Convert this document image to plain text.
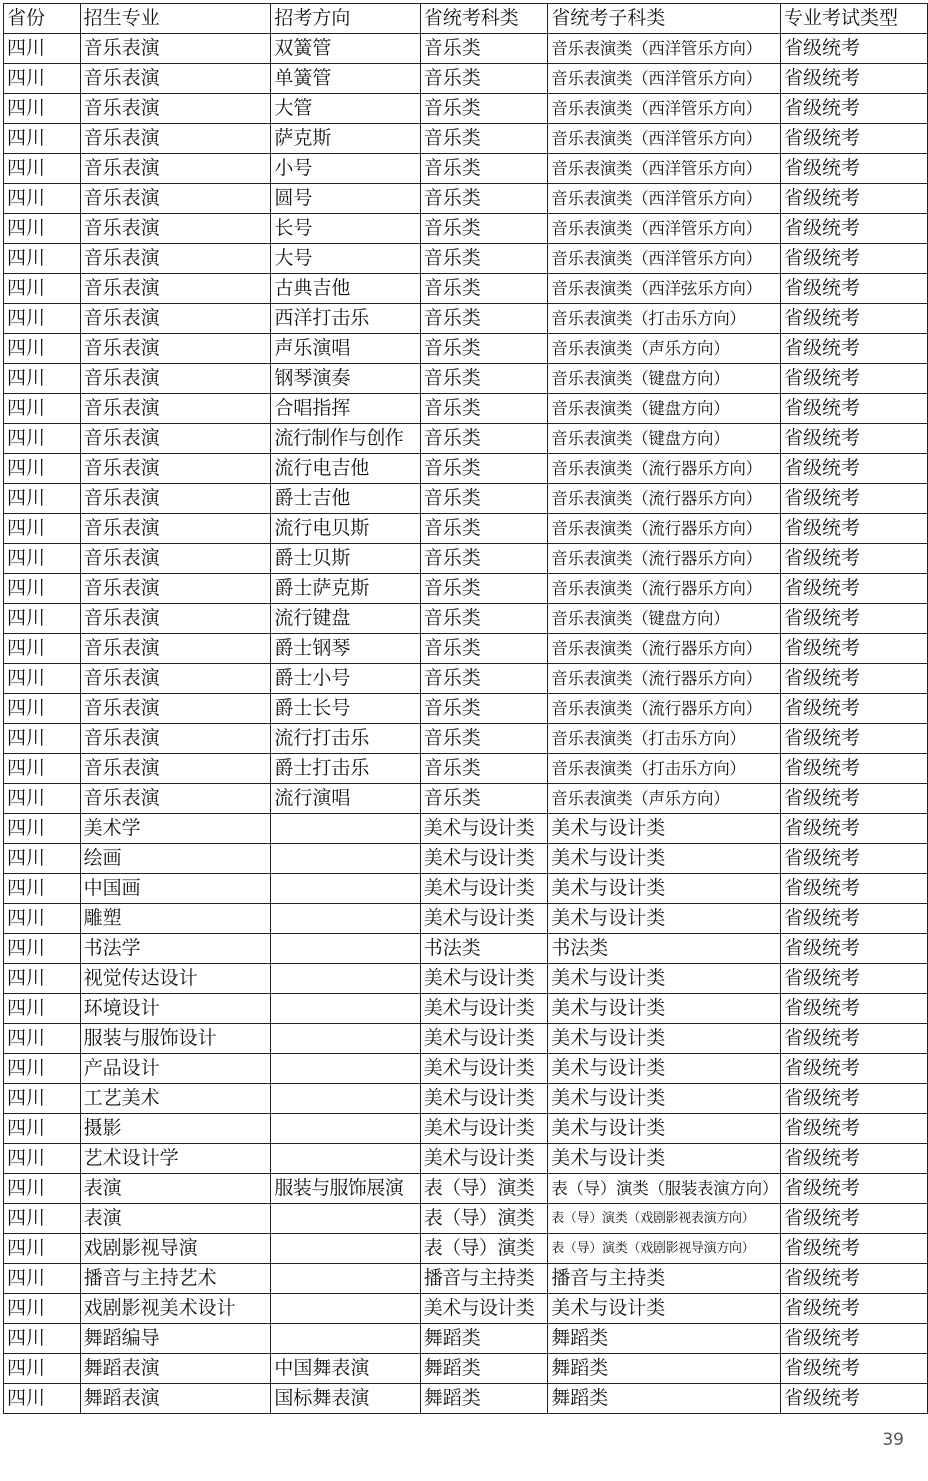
省份	招生专业	招考方向	省统考科类	省统考子科类	专业考试类型
四川	音乐表演	双簧管	音乐类	音乐表演类（西洋管乐方向）	省级统考
四川	音乐表演	单簧管	音乐类	音乐表演类（西洋管乐方向）	省级统考
四川	音乐表演	大管	音乐类	音乐表演类（西洋管乐方向）	省级统考
四川	音乐表演	萨克斯	音乐类	音乐表演类（西洋管乐方向）	省级统考
四川	音乐表演	小号	音乐类	音乐表演类（西洋管乐方向）	省级统考
四川	音乐表演	圆号	音乐类	音乐表演类（西洋管乐方向）	省级统考
四川	音乐表演	长号	音乐类	音乐表演类（西洋管乐方向）	省级统考
四川	音乐表演	大号	音乐类	音乐表演类（西洋管乐方向）	省级统考
四川	音乐表演	古典吉他	音乐类	音乐表演类（西洋弦乐方向）	省级统考
四川	音乐表演	西洋打击乐	音乐类	音乐表演类（打击乐方向）	省级统考
四川	音乐表演	声乐演唱	音乐类	音乐表演类（声乐方向）	省级统考
四川	音乐表演	钢琴演奏	音乐类	音乐表演类（键盘方向）	省级统考
四川	音乐表演	合唱指挥	音乐类	音乐表演类（键盘方向）	省级统考
四川	音乐表演	流行制作与创作	音乐类	音乐表演类（键盘方向）	省级统考
四川	音乐表演	流行电吉他	音乐类	音乐表演类（流行器乐方向）	省级统考
四川	音乐表演	爵士吉他	音乐类	音乐表演类（流行器乐方向）	省级统考
四川	音乐表演	流行电贝斯	音乐类	音乐表演类（流行器乐方向）	省级统考
四川	音乐表演	爵士贝斯	音乐类	音乐表演类（流行器乐方向）	省级统考
四川	音乐表演	爵士萨克斯	音乐类	音乐表演类（流行器乐方向）	省级统考
四川	音乐表演	流行键盘	音乐类	音乐表演类（键盘方向）	省级统考
四川	音乐表演	爵士钢琴	音乐类	音乐表演类（流行器乐方向）	省级统考
四川	音乐表演	爵士小号	音乐类	音乐表演类（流行器乐方向）	省级统考
四川	音乐表演	爵士长号	音乐类	音乐表演类（流行器乐方向）	省级统考
四川	音乐表演	流行打击乐	音乐类	音乐表演类（打击乐方向）	省级统考
四川	音乐表演	爵士打击乐	音乐类	音乐表演类（打击乐方向）	省级统考
四川	音乐表演	流行演唱	音乐类	音乐表演类（声乐方向）	省级统考
四川	美术学		美术与设计类	美术与设计类	省级统考
四川	绘画		美术与设计类	美术与设计类	省级统考
四川	中国画		美术与设计类	美术与设计类	省级统考
四川	雕塑		美术与设计类	美术与设计类	省级统考
四川	书法学		书法类	书法类	省级统考
四川	视觉传达设计		美术与设计类	美术与设计类	省级统考
四川	环境设计		美术与设计类	美术与设计类	省级统考
四川	服装与服饰设计		美术与设计类	美术与设计类	省级统考
四川	产品设计		美术与设计类	美术与设计类	省级统考
四川	工艺美术		美术与设计类	美术与设计类	省级统考
四川	摄影		美术与设计类	美术与设计类	省级统考
四川	艺术设计学		美术与设计类	美术与设计类	省级统考
四川	表演	服装与服饰展演	表（导）演类	表（导）演类（服装表演方向）	省级统考
四川	表演		表（导）演类	表（导）演类（戏剧影视表演方向）	省级统考
四川	戏剧影视导演		表（导）演类	表（导）演类（戏剧影视导演方向）	省级统考
四川	播音与主持艺术		播音与主持类	播音与主持类	省级统考
四川	戏剧影视美术设计		美术与设计类	美术与设计类	省级统考
四川	舞蹈编导		舞蹈类	舞蹈类	省级统考
四川	舞蹈表演	中国舞表演	舞蹈类	舞蹈类	省级统考
四川	舞蹈表演	国标舞表演	舞蹈类	舞蹈类	省级统考
39
